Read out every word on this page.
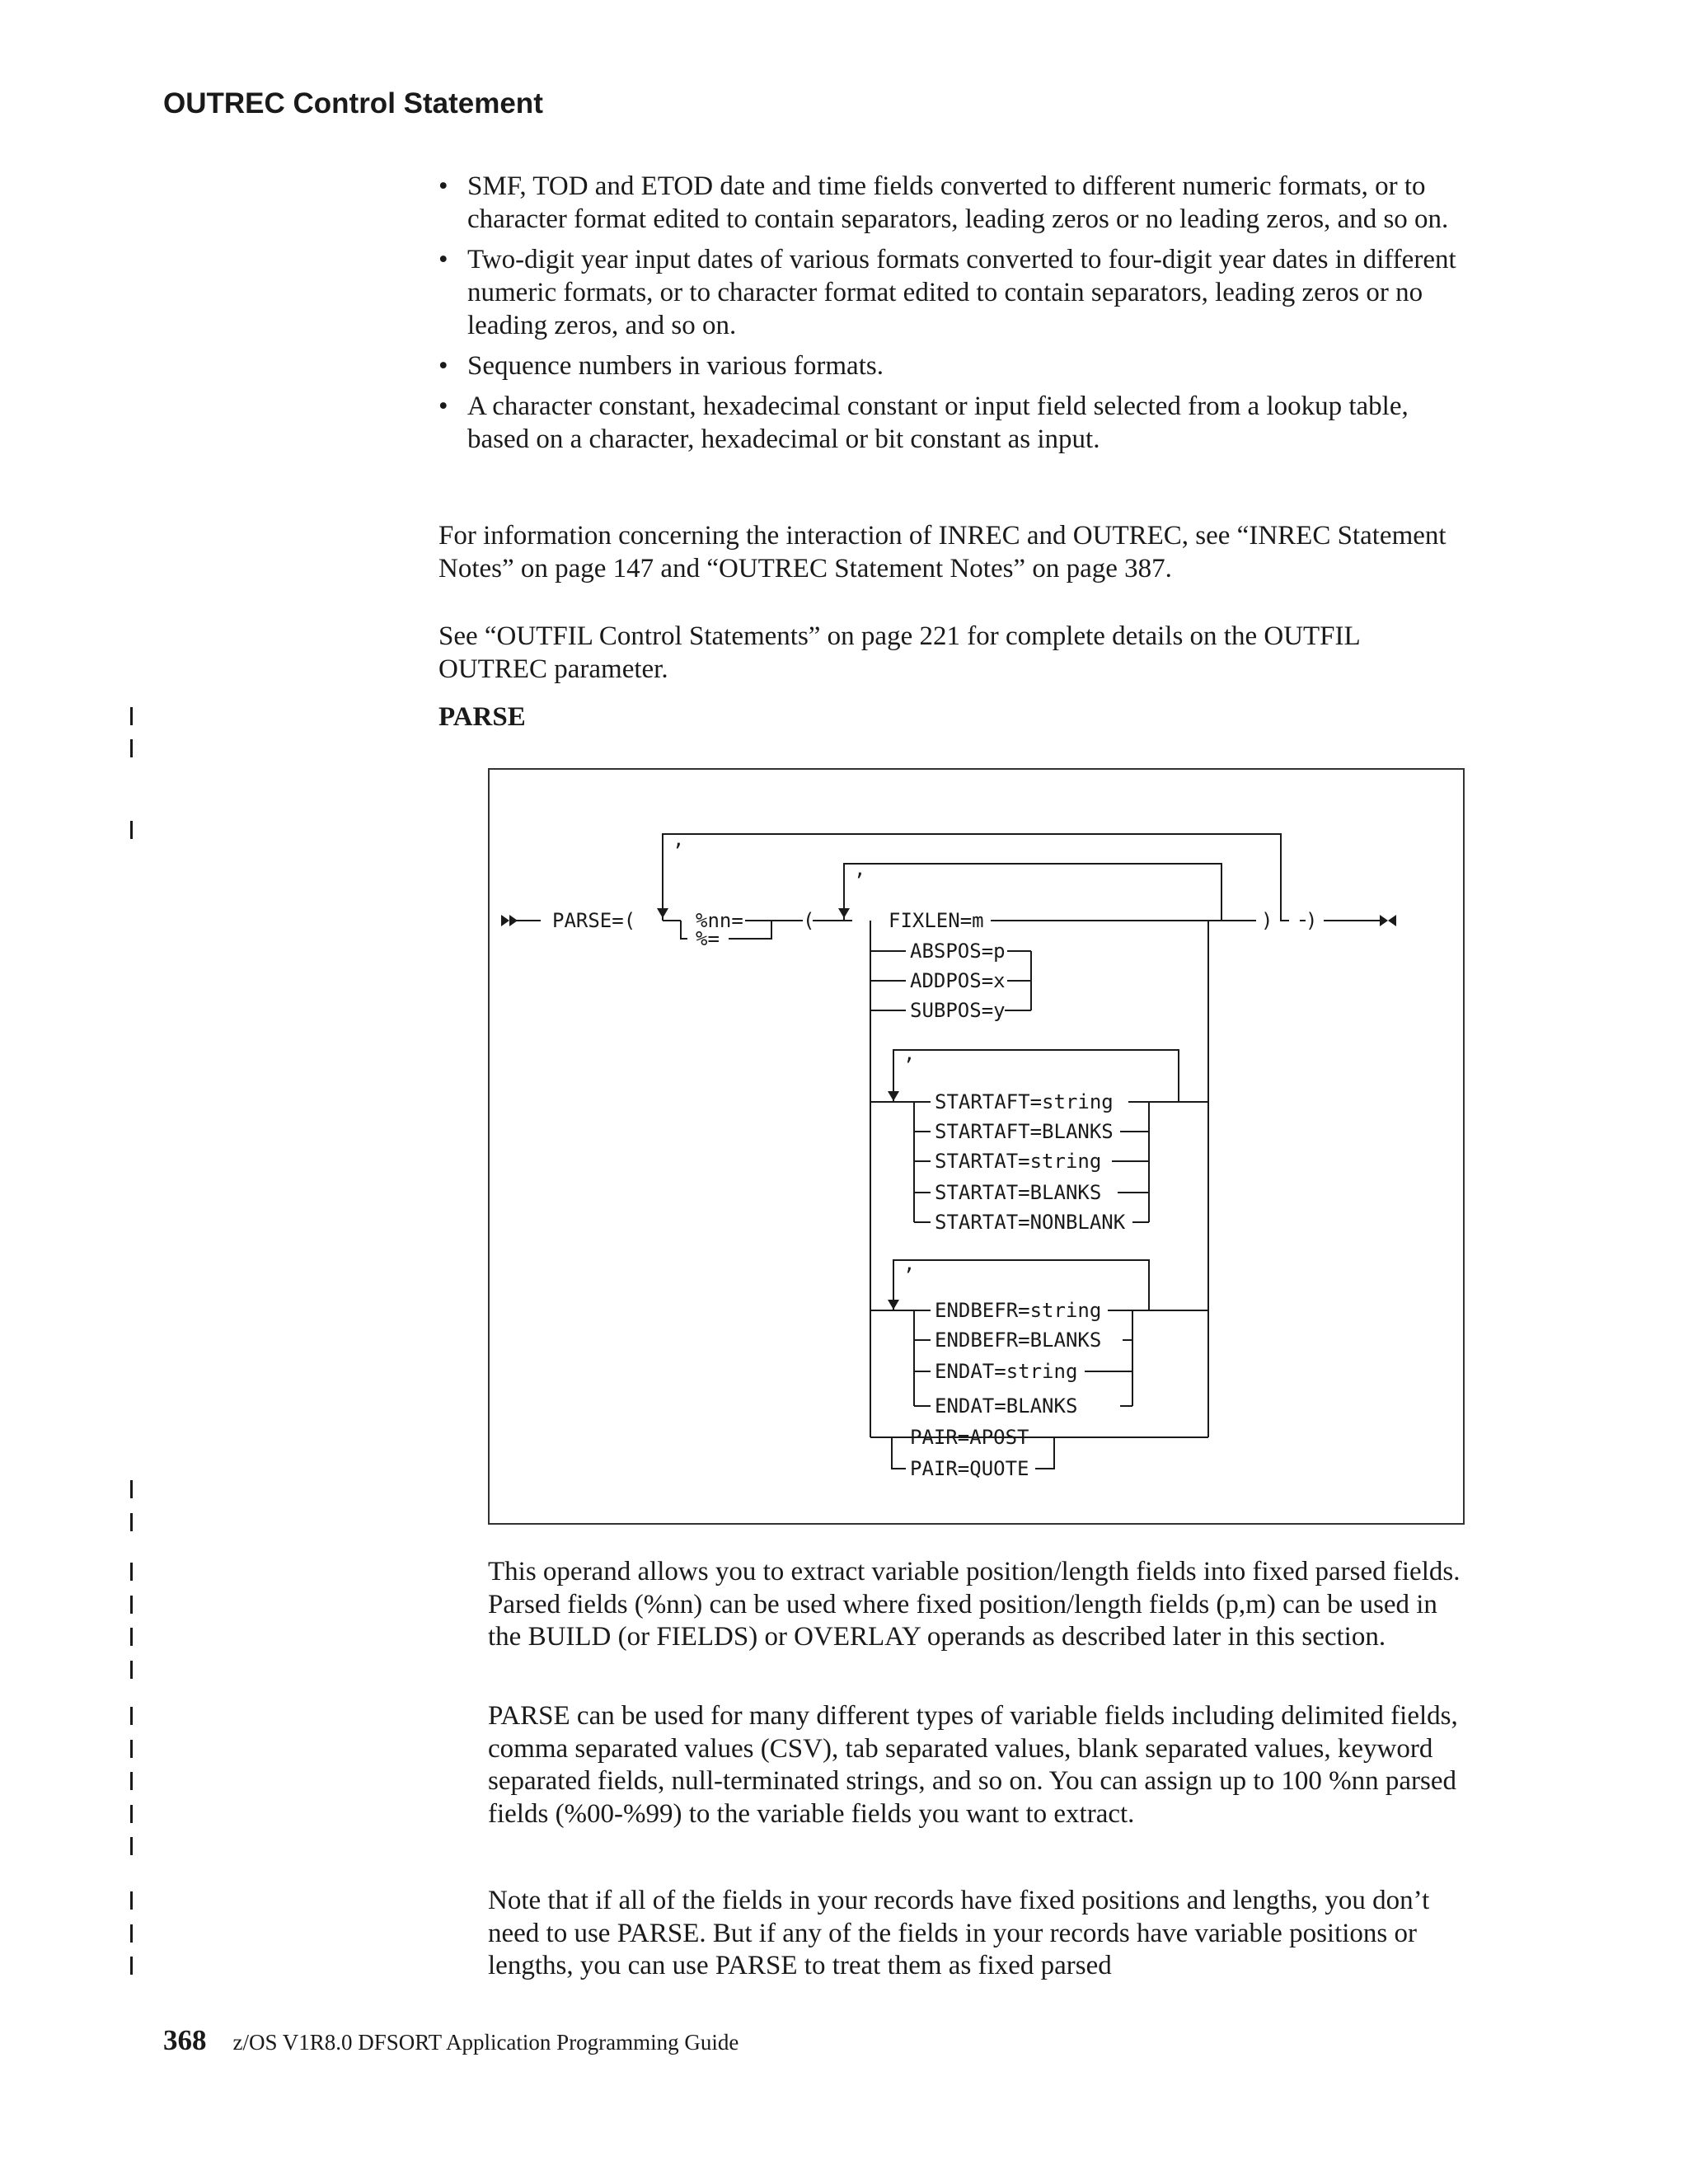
OUTREC Control Statement
• SMF, TOD and ETOD date and time fields converted to different numeric formats, or to character format edited to contain separators, leading zeros or no leading zeros, and so on.
• Two-digit year input dates of various formats converted to four-digit year dates in different numeric formats, or to character format edited to contain separators, leading zeros or no leading zeros, and so on.
• Sequence numbers in various formats.
• A character constant, hexadecimal constant or input field selected from a lookup table, based on a character, hexadecimal or bit constant as input.
For information concerning the interaction of INREC and OUTREC, see “INREC Statement Notes” on page 147 and “OUTREC Statement Notes” on page 387.
See “OUTFIL Control Statements” on page 221 for complete details on the OUTFIL OUTREC parameter.
PARSE
PARSE=(	%nn=
%=
(
,
,
FIXLEN=m	) )
ABSPOS=p
ADDPOS=x
SUBPOS=y
,
STARTAFT=string
STARTAFT=BLANKS
STARTAT=string
STARTAT=BLANKS
STARTAT=NONBLANK
,
ENDBEFR=string
ENDBEFR=BLANKS
ENDAT=string
ENDAT=BLANKS
PAIR=APOST
PAIR=QUOTE
This operand allows you to extract variable position/length fields into fixed parsed fields. Parsed fields (%nn) can be used where fixed position/length fields (p,m) can be used in the BUILD (or FIELDS) or OVERLAY operands as described later in this section.
PARSE can be used for many different types of variable fields including delimited fields, comma separated values (CSV), tab separated values, blank separated values, keyword separated fields, null-terminated strings, and so on. You can assign up to 100 %nn parsed fields (%00-%99) to the variable fields you want to extract.
Note that if all of the fields in your records have fixed positions and lengths, you don’t need to use PARSE. But if any of the fields in your records have variable positions or lengths, you can use PARSE to treat them as fixed parsed
368 z/OS V1R8.0 DFSORT Application Programming Guide
